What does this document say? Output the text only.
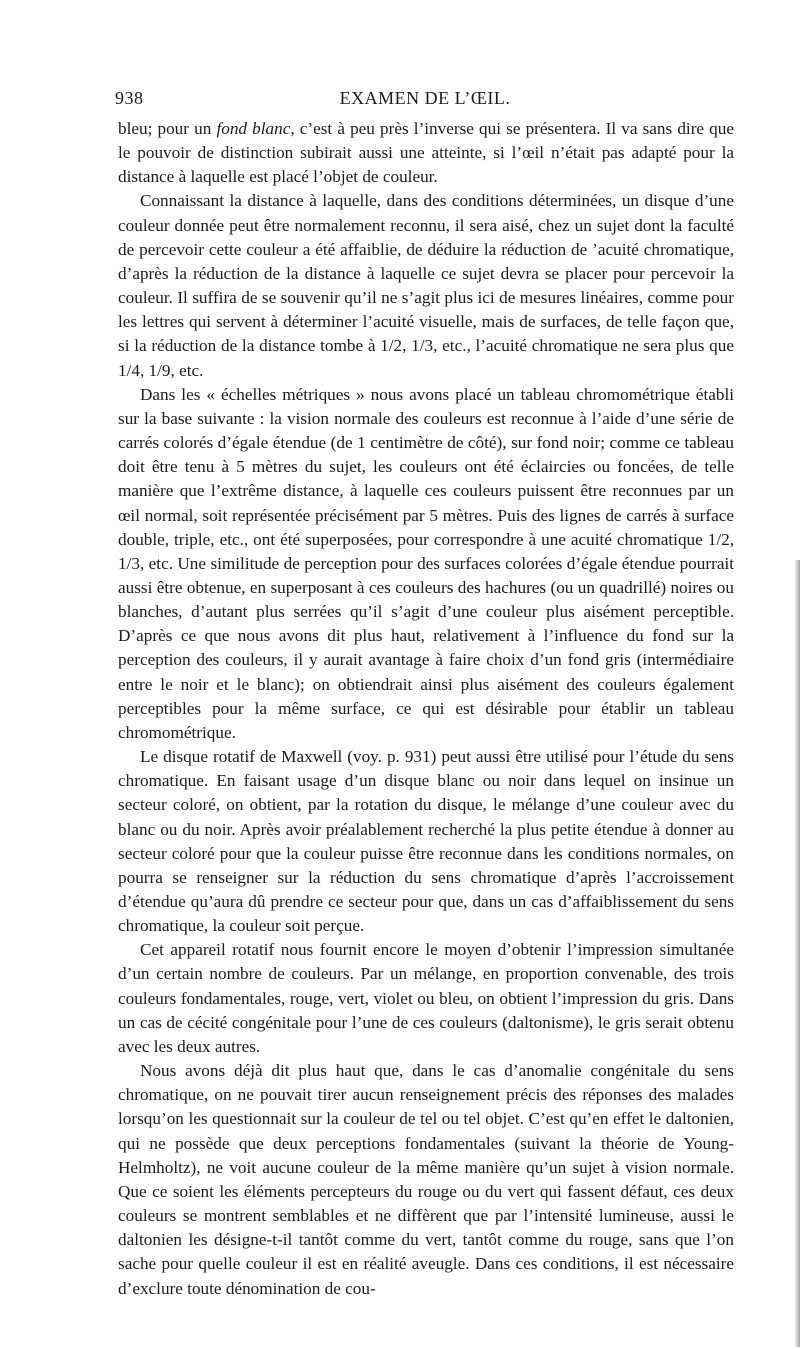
938	EXAMEN DE L’ŒIL.

bleu; pour un fond blanc, c’est à peu près l’inverse qui se présentera. Il va sans dire que le pouvoir de distinction subirait aussi une atteinte, si l’œil n’était pas adapté pour la distance à laquelle est placé l’objet de couleur.

Connaissant la distance à laquelle, dans des conditions déterminées, un disque d’une couleur donnée peut être normalement reconnu, il sera aisé, chez un sujet dont la faculté de percevoir cette couleur a été affaiblie, de déduire la réduction de ’acuité chromatique, d’après la réduction de la distance à laquelle ce sujet devra se placer pour percevoir la couleur. Il suffira de se souvenir qu’il ne s’agit plus ici de mesures linéaires, comme pour les lettres qui servent à déterminer l’acuité visuelle, mais de surfaces, de telle façon que, si la réduction de la distance tombe à 1/2, 1/3, etc., l’acuité chromatique ne sera plus que 1/4, 1/9, etc.

Dans les « échelles métriques » nous avons placé un tableau chromométrique établi sur la base suivante : la vision normale des couleurs est reconnue à l’aide d’une série de carrés colorés d’égale étendue (de 1 centimètre de côté), sur fond noir; comme ce tableau doit être tenu à 5 mètres du sujet, les couleurs ont été éclaircies ou foncées, de telle manière que l’extrême distance, à laquelle ces couleurs puissent être reconnues par un œil normal, soit représentée précisément par 5 mètres. Puis des lignes de carrés à surface double, triple, etc., ont été superposées, pour correspondre à une acuité chromatique 1/2, 1/3, etc. Une similitude de perception pour des surfaces colorées d’égale étendue pourrait aussi être obtenue, en superposant à ces couleurs des hachures (ou un quadrillé) noires ou blanches, d’autant plus serrées qu’il s’agit d’une couleur plus aisément perceptible. D’après ce que nous avons dit plus haut, relativement à l’influence du fond sur la perception des couleurs, il y aurait avantage à faire choix d’un fond gris (intermédiaire entre le noir et le blanc); on obtiendrait ainsi plus aisément des couleurs également perceptibles pour la même surface, ce qui est désirable pour établir un tableau chromométrique.

Le disque rotatif de Maxwell (voy. p. 931) peut aussi être utilisé pour l’étude du sens chromatique. En faisant usage d’un disque blanc ou noir dans lequel on insinue un secteur coloré, on obtient, par la rotation du disque, le mélange d’une couleur avec du blanc ou du noir. Après avoir préalablement recherché la plus petite étendue à donner au secteur coloré pour que la couleur puisse être reconnue dans les conditions normales, on pourra se renseigner sur la réduction du sens chromatique d’après l’accroissement d’étendue qu’aura dû prendre ce secteur pour que, dans un cas d’affaiblissement du sens chromatique, la couleur soit perçue.

Cet appareil rotatif nous fournit encore le moyen d’obtenir l’impression simultanée d’un certain nombre de couleurs. Par un mélange, en proportion convenable, des trois couleurs fondamentales, rouge, vert, violet ou bleu, on obtient l’impression du gris. Dans un cas de cécité congénitale pour l’une de ces couleurs (daltonisme), le gris serait obtenu avec les deux autres.

Nous avons déjà dit plus haut que, dans le cas d’anomalie congénitale du sens chromatique, on ne pouvait tirer aucun renseignement précis des réponses des malades lorsqu’on les questionnait sur la couleur de tel ou tel objet. C’est qu’en effet le daltonien, qui ne possède que deux perceptions fondamentales (suivant la théorie de Young-Helmholtz), ne voit aucune couleur de la même manière qu’un sujet à vision normale. Que ce soient les éléments percepteurs du rouge ou du vert qui fassent défaut, ces deux couleurs se montrent semblables et ne diffèrent que par l’intensité lumineuse, aussi le daltonien les désigne-t-il tantôt comme du vert, tantôt comme du rouge, sans que l’on sache pour quelle couleur il est en réalité aveugle. Dans ces conditions, il est nécessaire d’exclure toute dénomination de cou-
